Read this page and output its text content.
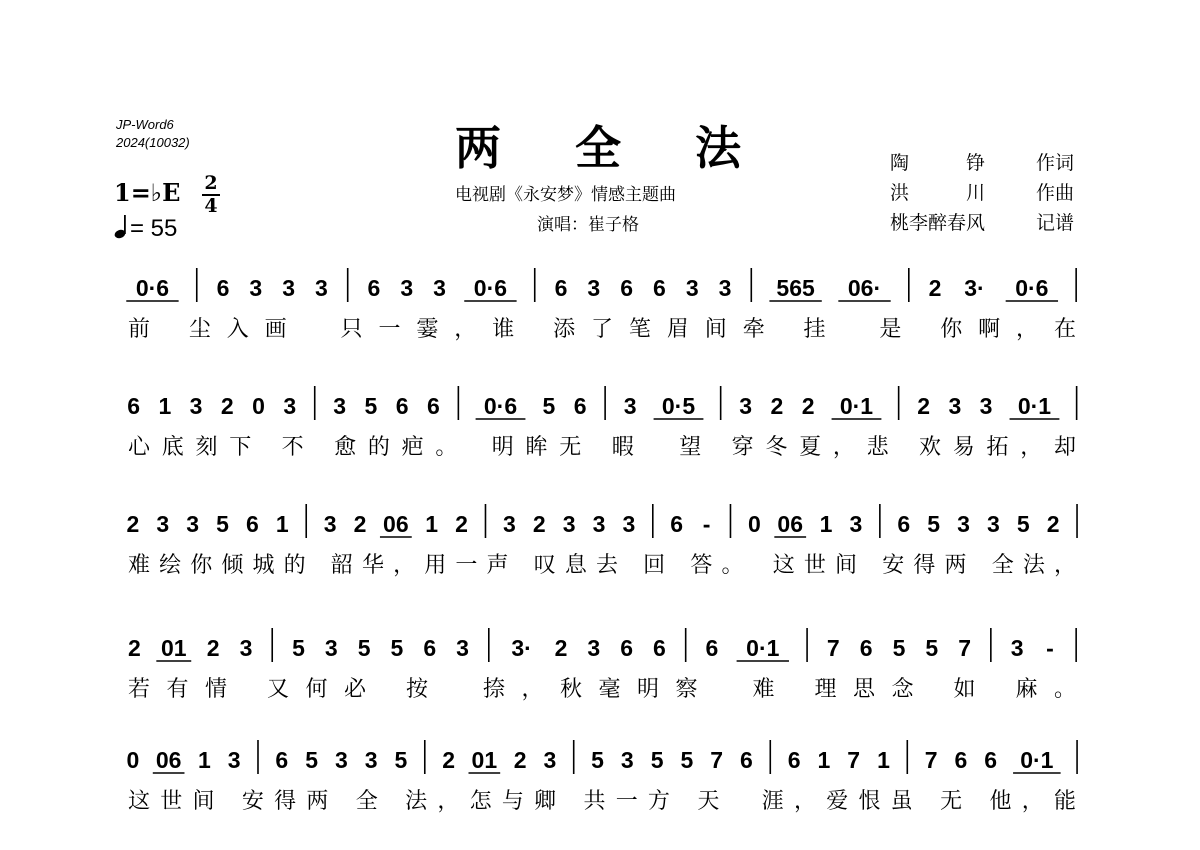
JP-Word6
2024(10032)	两全法
电视剧《永安梦》情感主题曲
演唱：崔子格
陶　　　铮	作词
洪　　　川	作曲
桃李醉春风	记谱
1=♭E 2
4
= 55
0·6 6 3 3 3 6 3 3 0·6 6 3 6 6 3 3 565 06· 2 3· 0·6
前 尘入画　只一霎，谁 添了笔眉间牵 挂　是 你啊，在
6 1 3 2 0 3 3 5 6 6 0·6 5 6 3 0·5 3 2 2 0·1 2 3 3 0·1
心底刻下 不 愈的疤。　明眸无 暇　望 穿冬夏，悲 欢易拓，却
2 3 3 5 6 1 3 2 06 1 2 3 2 3 3 3 6 - 0 06 1 3 6 5 3 3 5 2
难绘你倾城的 韶华，用一声 叹息去 回 答。　这世间 安得两 全法，
2 01 2 3 5 3 5 5 6 3 3· 2 3 6 6 6 0·1 7 6 5 5 7 3 -
若有情 又何必 按　捺，秋毫明察　难 理思念 如 麻。
0 06 1 3 6 5 3 3 5 2 01 2 3 5 3 5 5 7 6 6 1 7 1 7 6 6 0·1
这世间 安得两 全 法，怎与卿 共一方 天　涯，爱恨虽 无 他，能
